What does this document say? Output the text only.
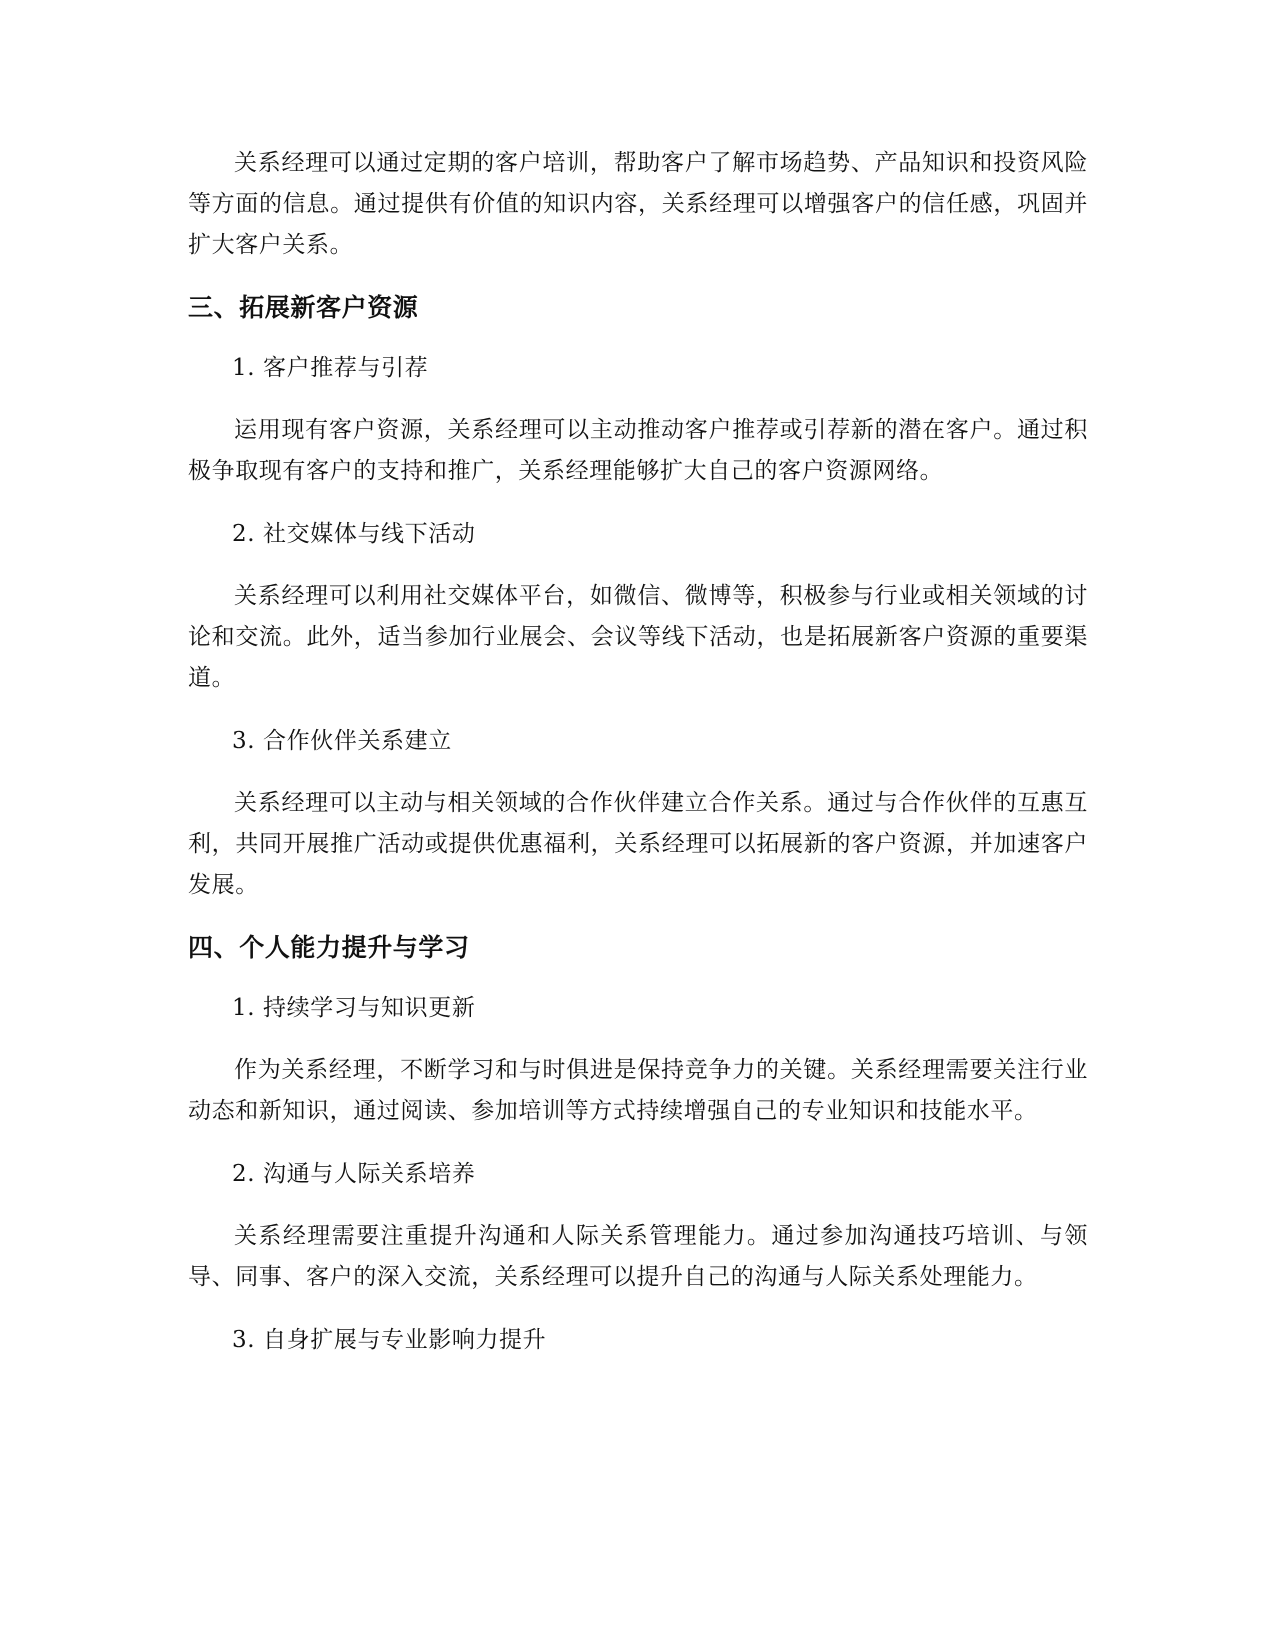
关系经理可以通过定期的客户培训，帮助客户了解市场趋势、产品知识和投资风险等方面的信息。通过提供有价值的知识内容，关系经理可以增强客户的信任感，巩固并扩大客户关系。

三、拓展新客户资源

1. 客户推荐与引荐

运用现有客户资源，关系经理可以主动推动客户推荐或引荐新的潜在客户。通过积极争取现有客户的支持和推广，关系经理能够扩大自己的客户资源网络。

2. 社交媒体与线下活动

关系经理可以利用社交媒体平台，如微信、微博等，积极参与行业或相关领域的讨论和交流。此外，适当参加行业展会、会议等线下活动，也是拓展新客户资源的重要渠道。

3. 合作伙伴关系建立

关系经理可以主动与相关领域的合作伙伴建立合作关系。通过与合作伙伴的互惠互利，共同开展推广活动或提供优惠福利，关系经理可以拓展新的客户资源，并加速客户发展。

四、个人能力提升与学习

1. 持续学习与知识更新

作为关系经理，不断学习和与时俱进是保持竞争力的关键。关系经理需要关注行业动态和新知识，通过阅读、参加培训等方式持续增强自己的专业知识和技能水平。

2. 沟通与人际关系培养

关系经理需要注重提升沟通和人际关系管理能力。通过参加沟通技巧培训、与领导、同事、客户的深入交流，关系经理可以提升自己的沟通与人际关系处理能力。

3. 自身扩展与专业影响力提升
